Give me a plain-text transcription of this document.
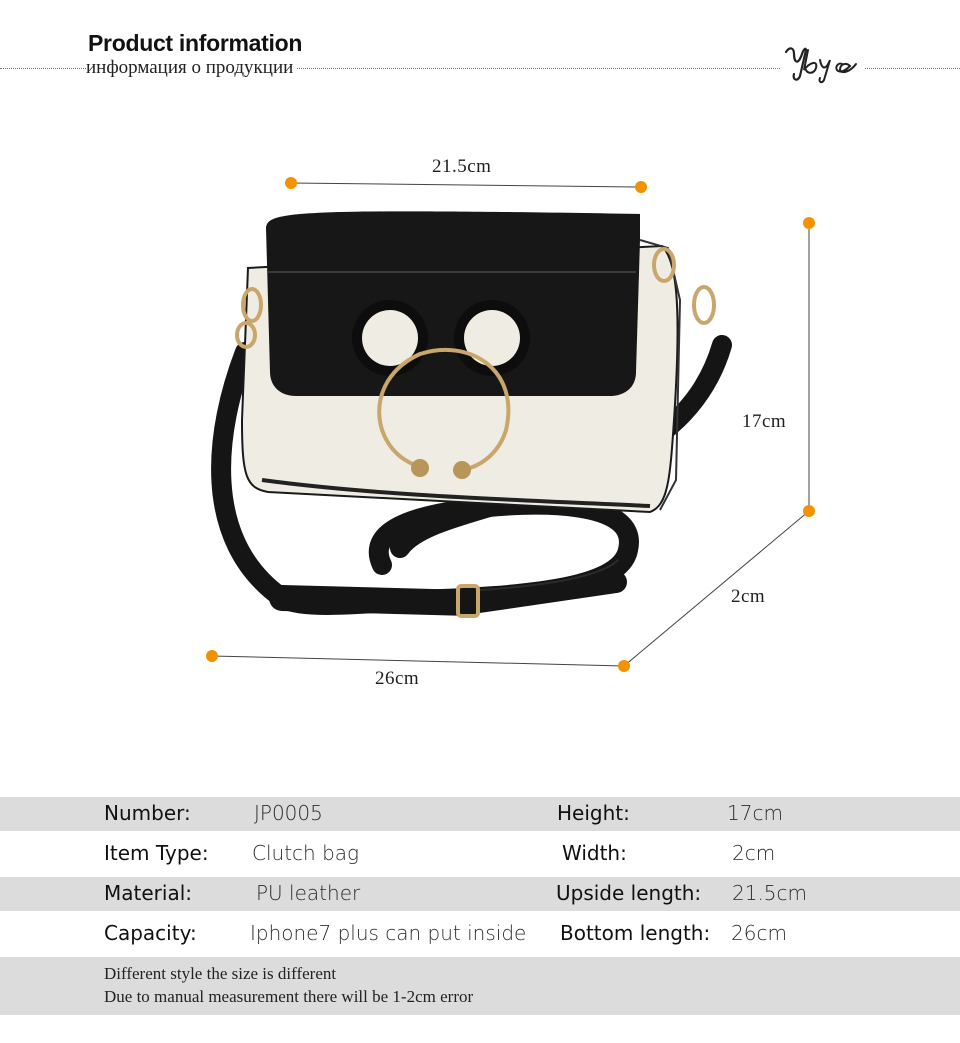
Product information
информация о продукции
21.5cm
17cm
2cm
26cm
Number:	JP0005	Height:	17cm
Item Type: Clutch bag	Width:	2cm
Material:	PU leather	Upside length: 21.5cm
Capacity:	Iphone7 plus can put inside Bottom length: 26cm
Different style the size is different
Due to manual measurement there will be 1-2cm error
